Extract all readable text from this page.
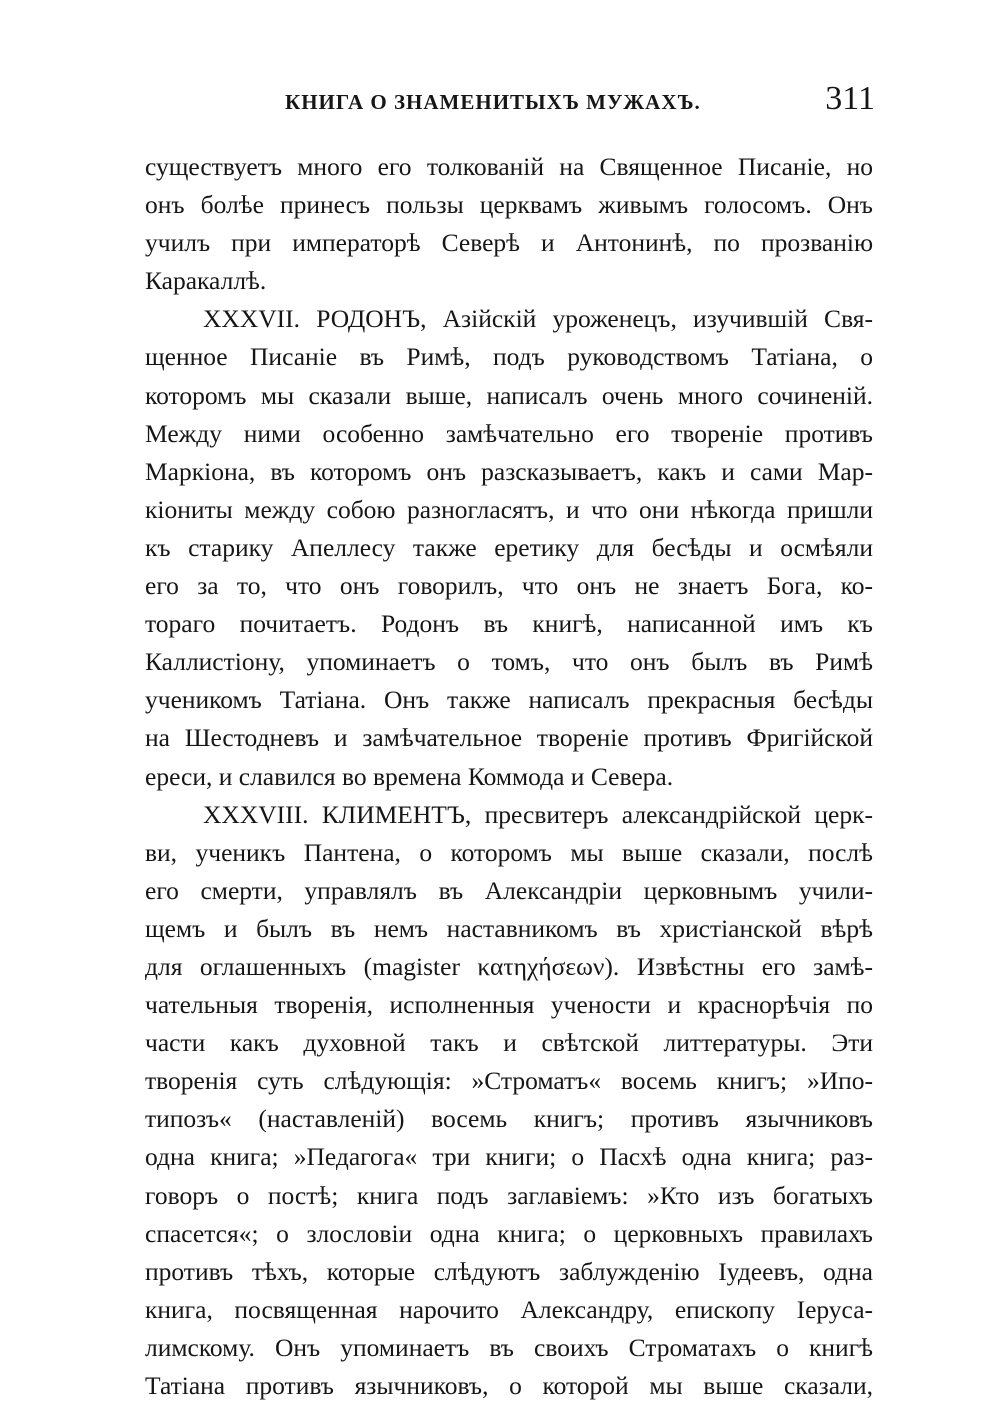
КНИГА О ЗНАМЕНИТЫХЪ МУЖАХЪ.	311
существуетъ много его толкованій на Священное Писаніе, но
онъ болѣе принесъ пользы церквамъ живымъ голосомъ. Онъ
училъ при императорѣ Северѣ и Антонинѣ, по прозванію
Каракаллѣ.
XXXVII. РОДОНЪ, Азійскій уроженецъ, изучившій Свя-
щенное Писаніе въ Римѣ, подъ руководствомъ Татіана, о
которомъ мы сказали выше, написалъ очень много сочиненій.
Между ними особенно замѣчательно его твореніе противъ
Маркіона, въ которомъ онъ разсказываетъ, какъ и сами Мар-
кіониты между собою разногласятъ, и что они нѣкогда пришли
къ старику Апеллесу также еретику для бесѣды и осмѣяли
его за то, что онъ говорилъ, что онъ не знаетъ Бога, ко-
тораго почитаетъ. Родонъ въ книгѣ, написанной имъ къ
Каллистіону, упоминаетъ о томъ, что онъ былъ въ Римѣ
ученикомъ Татіана. Онъ также написалъ прекрасныя бесѣды
на Шестодневъ и замѣчательное твореніе противъ Фригійской
ереси, и славился во времена Коммода и Севера.
XXXVIII. КЛИМЕНТЪ, пресвитеръ александрійской церк-
ви, ученикъ Пантена, о которомъ мы выше сказали, послѣ
его смерти, управлялъ въ Александріи церковнымъ учили-
щемъ и былъ въ немъ наставникомъ въ христіанской вѣрѣ
для оглашенныхъ (magister κατηχήσεων). Извѣстны его замѣ-
чательныя творенія, исполненныя учености и краснорѣчія по
части какъ духовной такъ и свѣтской литтературы. Эти
творенія суть слѣдующія: »Строматъ« восемь книгъ; »Ипо-
типозъ« (наставленій) восемь книгъ; противъ язычниковъ
одна книга; »Педагога« три книги; о Пасхѣ одна книга; раз-
говоръ о постѣ; книга подъ заглавіемъ: »Кто изъ богатыхъ
спасется«; о злословіи одна книга; о церковныхъ правилахъ
противъ тѣхъ, которые слѣдуютъ заблужденію Іудеевъ, одна
книга, посвященная нарочито Александру, епископу Іеруса-
лимскому. Онъ упоминаетъ въ своихъ Строматахъ о книгѣ
Татіана противъ язычниковъ, о которой мы выше сказали,
